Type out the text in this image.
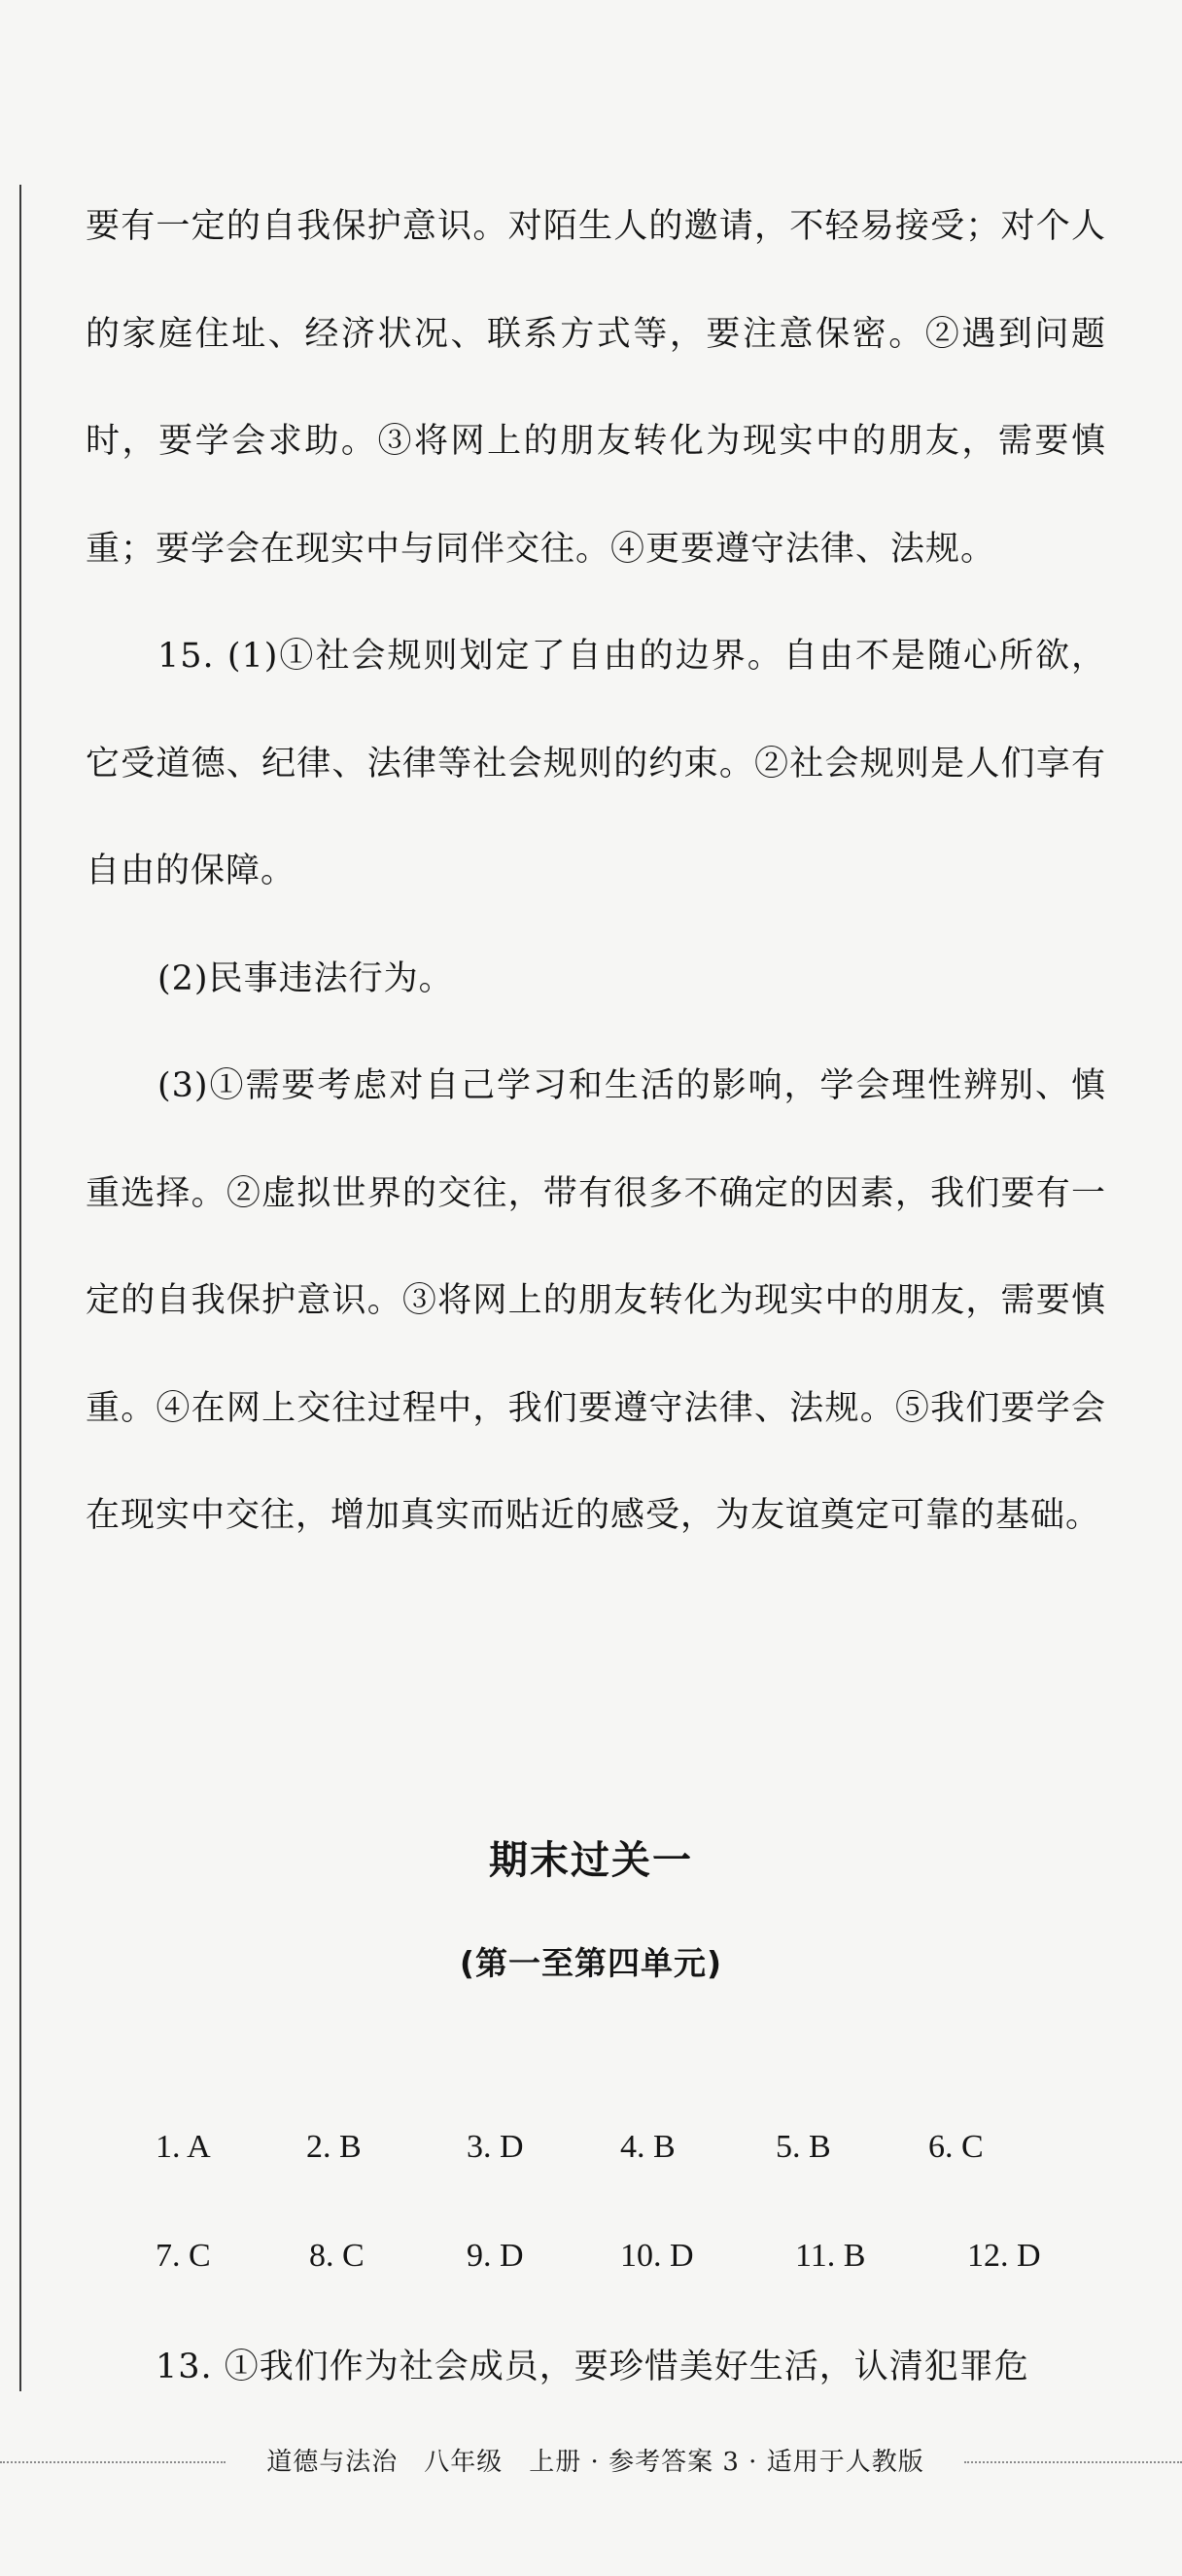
要有一定的自我保护意识。对陌生人的邀请，不轻易接受；对个人的家庭住址、经济状况、联系方式等，要注意保密。②遇到问题时，要学会求助。③将网上的朋友转化为现实中的朋友，需要慎重；要学会在现实中与同伴交往。④更要遵守法律、法规。

15. (1)①社会规则划定了自由的边界。自由不是随心所欲，它受道德、纪律、法律等社会规则的约束。②社会规则是人们享有自由的保障。

(2)民事违法行为。

(3)①需要考虑对自己学习和生活的影响，学会理性辨别、慎重选择。②虚拟世界的交往，带有很多不确定的因素，我们要有一定的自我保护意识。③将网上的朋友转化为现实中的朋友，需要慎重。④在网上交往过程中，我们要遵守法律、法规。⑤我们要学会在现实中交往，增加真实而贴近的感受，为友谊奠定可靠的基础。

期末过关一
(第一至第四单元)
1. A	2. B	3. D	4. B	5. B	6. C
7. C	8. C	9. D	10. D	11. B	12. D
13. ①我们作为社会成员，要珍惜美好生活，认清犯罪危
道德与法治　八年级　上册 · 参考答案 3 · 适用于人教版
